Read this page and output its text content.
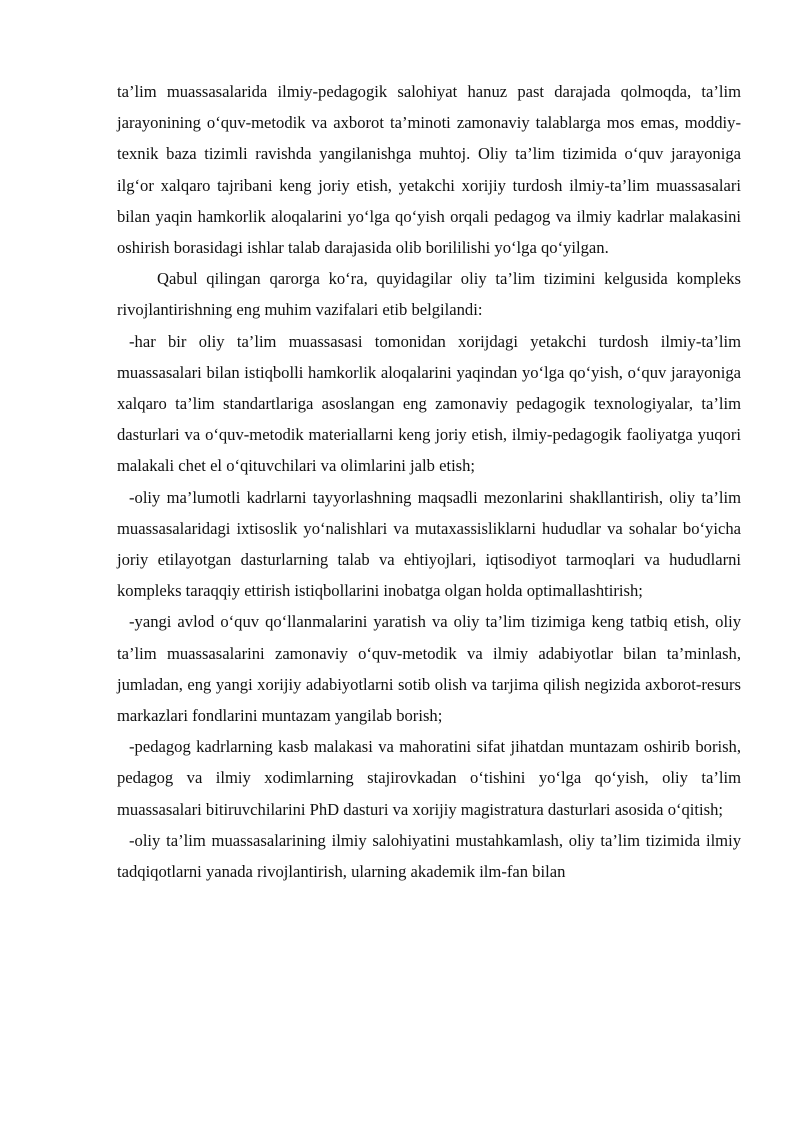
ta’lim muassasalarida ilmiy-pedagogik salohiyat hanuz past darajada qolmoqda, ta’lim jarayonining o‘quv-metodik va axborot ta’minoti zamonaviy talablarga mos emas, moddiy-texnik baza tizimli ravishda yangilanishga muhtoj. Oliy ta’lim tizimida o‘quv jarayoniga ilg‘or xalqaro tajribani keng joriy etish, yetakchi xorijiy turdosh ilmiy-ta’lim muassasalari bilan yaqin hamkorlik aloqalarini yo‘lga qo‘yish orqali pedagog va ilmiy kadrlar malakasini oshirish borasidagi ishlar talab darajasida olib borililishi yo‘lga qo‘yilgan.

Qabul qilingan qarorga ko‘ra, quyidagilar oliy ta’lim tizimini kelgusida kompleks rivojlantirishning eng muhim vazifalari etib belgilandi:

-har bir oliy ta’lim muassasasi tomonidan xorijdagi yetakchi turdosh ilmiy-ta’lim muassasalari bilan istiqbolli hamkorlik aloqalarini yaqindan yo‘lga qo‘yish, o‘quv jarayoniga xalqaro ta’lim standartlariga asoslangan eng zamonaviy pedagogik texnologiyalar, ta’lim dasturlari va o‘quv-metodik materiallarni keng joriy etish, ilmiy-pedagogik faoliyatga yuqori malakali chet el o‘qituvchilari va olimlarini jalb etish;

-oliy ma’lumotli kadrlarni tayyorlashning maqsadli mezonlarini shakllantirish, oliy ta’lim muassasalaridagi ixtisoslik yo‘nalishlari va mutaxassisliklarni hududlar va sohalar bo‘yicha joriy etilayotgan dasturlarning talab va ehtiyojlari, iqtisodiyot tarmoqlari va hududlarni kompleks taraqqiy ettirish istiqbollarini inobatga olgan holda optimallashtirish;

-yangi avlod o‘quv qo‘llanmalarini yaratish va oliy ta’lim tizimiga keng tatbiq etish, oliy ta’lim muassasalarini zamonaviy o‘quv-metodik va ilmiy adabiyotlar bilan ta’minlash, jumladan, eng yangi xorijiy adabiyotlarni sotib olish va tarjima qilish negizida axborot-resurs markazlari fondlarini muntazam yangilab borish;

-pedagog kadrlarning kasb malakasi va mahoratini sifat jihatdan muntazam oshirib borish, pedagog va ilmiy xodimlarning stajirovkadan o‘tishini yo‘lga qo‘yish, oliy ta’lim muassasalari bitiruvchilarini PhD dasturi va xorijiy magistratura dasturlari asosida o‘qitish;

-oliy ta’lim muassasalarining ilmiy salohiyatini mustahkamlash, oliy ta’lim tizimida ilmiy tadqiqotlarni yanada rivojlantirish, ularning akademik ilm-fan bilan
